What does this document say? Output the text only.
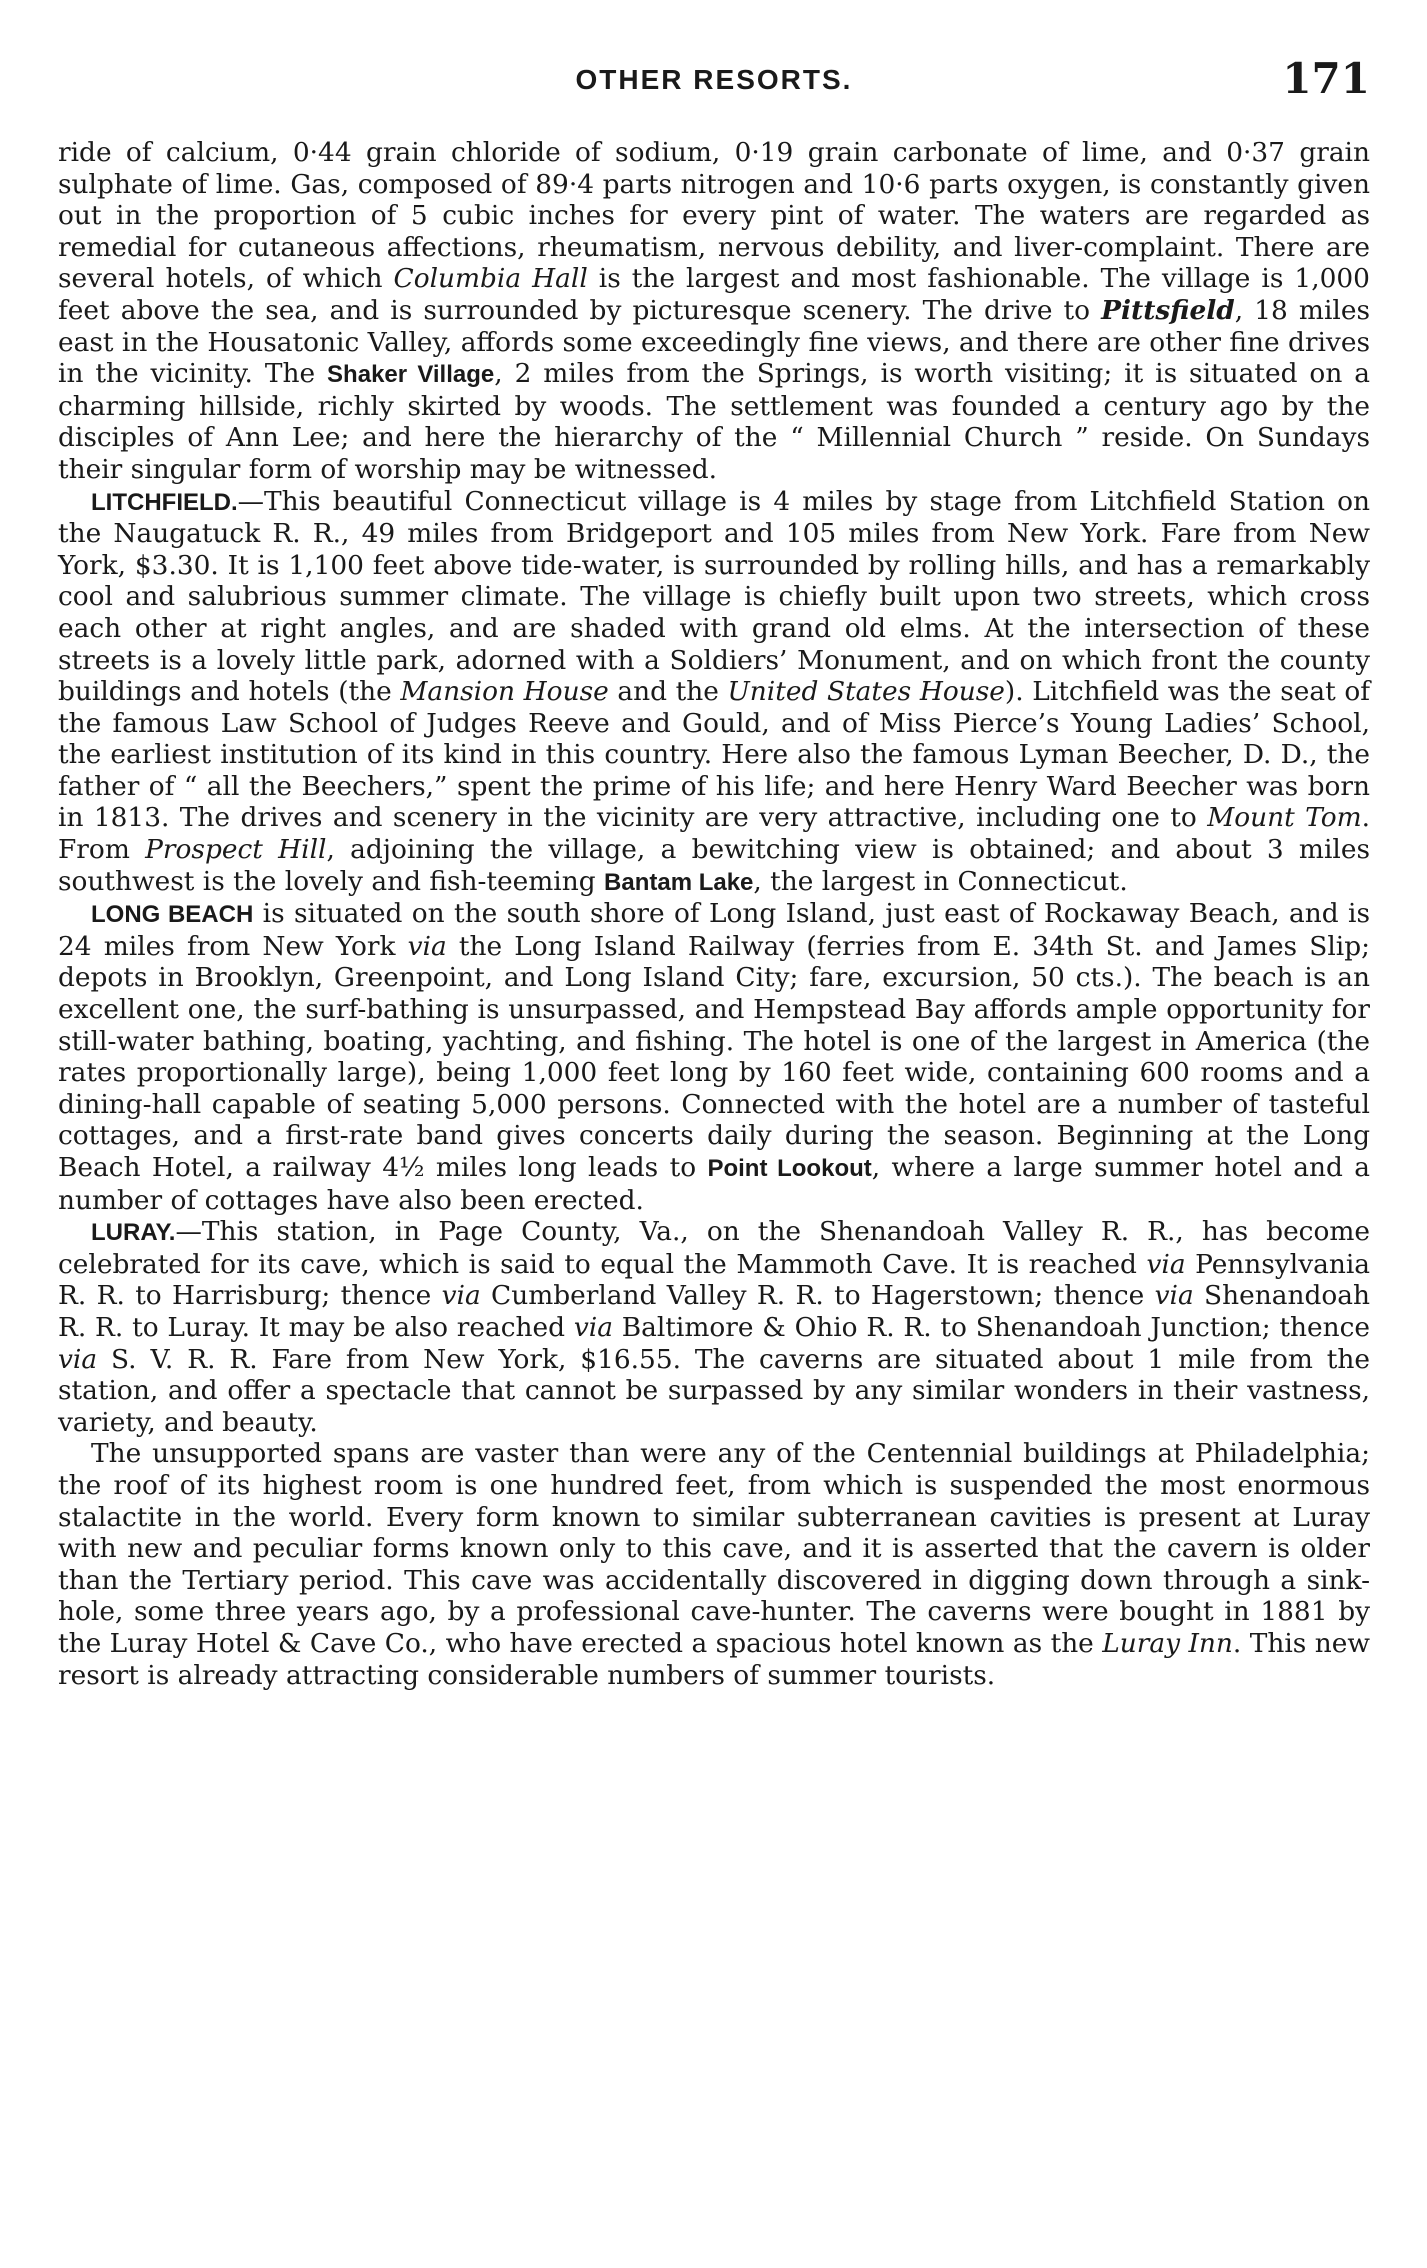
OTHER RESORTS.	171

ride of calcium, 0·44 grain chloride of sodium, 0·19 grain carbonate of lime, and 0·37 grain sulphate of lime. Gas, composed of 89·4 parts nitrogen and 10·6 parts oxygen, is constantly given out in the proportion of 5 cubic inches for every pint of water. The waters are regarded as remedial for cutaneous affections, rheumatism, nervous debility, and liver-complaint. There are several hotels, of which Columbia Hall is the largest and most fashionable. The village is 1,000 feet above the sea, and is surrounded by picturesque scenery. The drive to Pittsfield, 18 miles east in the Housatonic Valley, affords some exceedingly fine views, and there are other fine drives in the vicinity. The Shaker Village, 2 miles from the Springs, is worth visiting; it is situated on a charming hillside, richly skirted by woods. The settlement was founded a century ago by the disciples of Ann Lee; and here the hierarchy of the “ Millennial Church ” reside. On Sundays their singular form of worship may be witnessed.

LITCHFIELD.—This beautiful Connecticut village is 4 miles by stage from Litchfield Station on the Naugatuck R. R., 49 miles from Bridgeport and 105 miles from New York. Fare from New York, $3.30. It is 1,100 feet above tide-water, is surrounded by rolling hills, and has a remarkably cool and salubrious summer climate. The village is chiefly built upon two streets, which cross each other at right angles, and are shaded with grand old elms. At the intersection of these streets is a lovely little park, adorned with a Soldiers’ Monument, and on which front the county buildings and hotels (the Mansion House and the United States House). Litchfield was the seat of the famous Law School of Judges Reeve and Gould, and of Miss Pierce’s Young Ladies’ School, the earliest institution of its kind in this country. Here also the famous Lyman Beecher, D. D., the father of “ all the Beechers,” spent the prime of his life; and here Henry Ward Beecher was born in 1813. The drives and scenery in the vicinity are very attractive, including one to Mount Tom. From Prospect Hill, adjoining the village, a bewitching view is obtained; and about 3 miles southwest is the lovely and fish-teeming Bantam Lake, the largest in Connecticut.

LONG BEACH is situated on the south shore of Long Island, just east of Rockaway Beach, and is 24 miles from New York via the Long Island Railway (ferries from E. 34th St. and James Slip; depots in Brooklyn, Greenpoint, and Long Island City; fare, excursion, 50 cts.). The beach is an excellent one, the surf-bathing is unsurpassed, and Hempstead Bay affords ample opportunity for still-water bathing, boating, yachting, and fishing. The hotel is one of the largest in America (the rates proportionally large), being 1,000 feet long by 160 feet wide, containing 600 rooms and a dining-hall capable of seating 5,000 persons. Connected with the hotel are a number of tasteful cottages, and a first-rate band gives concerts daily during the season. Beginning at the Long Beach Hotel, a railway 4½ miles long leads to Point Lookout, where a large summer hotel and a number of cottages have also been erected.

LURAY.—This station, in Page County, Va., on the Shenandoah Valley R. R., has become celebrated for its cave, which is said to equal the Mammoth Cave. It is reached via Pennsylvania R. R. to Harrisburg; thence via Cumberland Valley R. R. to Hagerstown; thence via Shenandoah R. R. to Luray. It may be also reached via Baltimore & Ohio R. R. to Shenandoah Junction; thence via S. V. R. R. Fare from New York, $16.55. The caverns are situated about 1 mile from the station, and offer a spectacle that cannot be surpassed by any similar wonders in their vastness, variety, and beauty.

The unsupported spans are vaster than were any of the Centennial buildings at Philadelphia; the roof of its highest room is one hundred feet, from which is suspended the most enormous stalactite in the world. Every form known to similar subterranean cavities is present at Luray with new and peculiar forms known only to this cave, and it is asserted that the cavern is older than the Tertiary period. This cave was accidentally discovered in digging down through a sink-hole, some three years ago, by a professional cave-hunter. The caverns were bought in 1881 by the Luray Hotel & Cave Co., who have erected a spacious hotel known as the Luray Inn. This new resort is already attracting considerable numbers of summer tourists.
